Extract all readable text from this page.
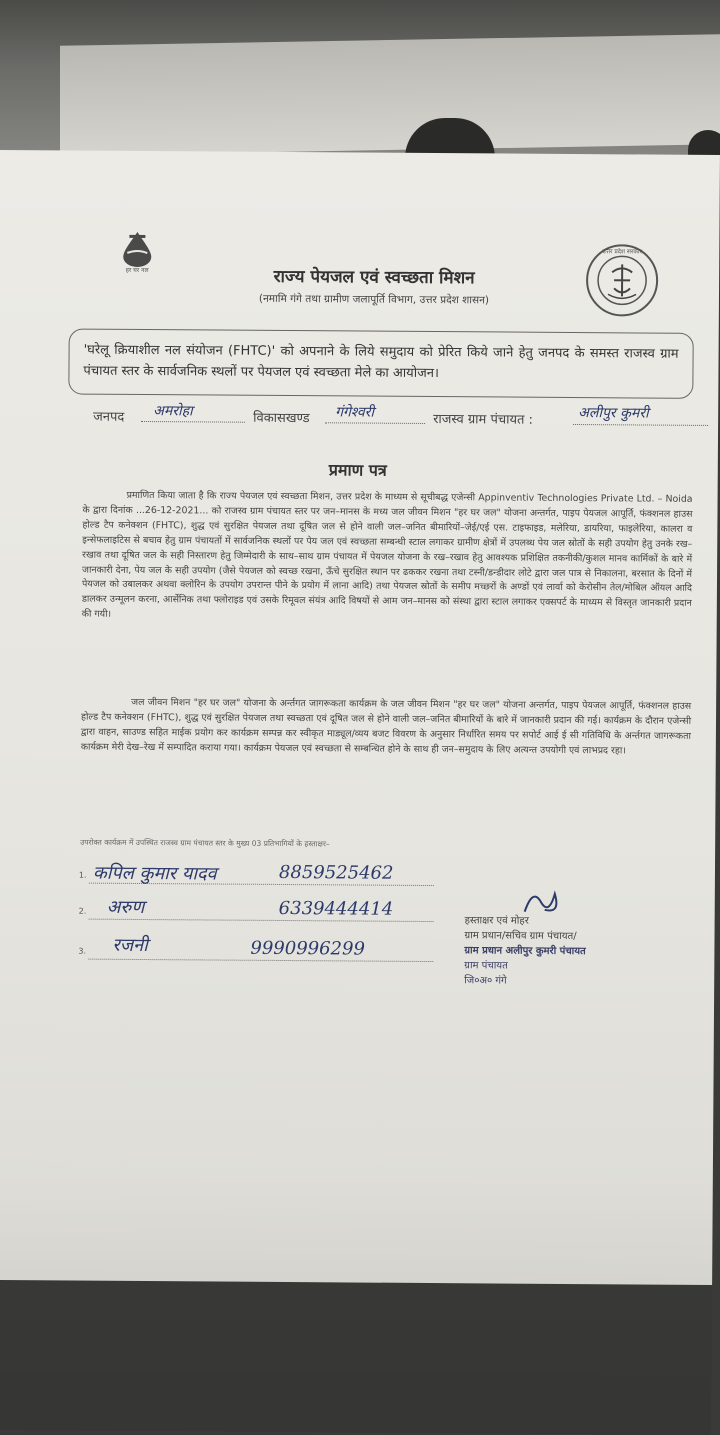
हर घर नल	राज्य पेयजल एवं स्वच्छता मिशन
(नमामि गंगे तथा ग्रामीण जलापूर्ति विभाग, उत्तर प्रदेश शासन)
उत्तर प्रदेश सरकार
'घरेलू क्रियाशील नल संयोजन (FHTC)' को अपनाने के लिये समुदाय को प्रेरित किये जाने हेतु जनपद के समस्त राजस्व ग्राम पंचायत स्तर के सार्वजनिक स्थलों पर पेयजल एवं स्वच्छता मेले का आयोजन।
जनपद अमरोहा	विकासखण्ड गंगेश्वरी	राजस्व ग्राम पंचायत :	अलीपुर कुमरी
प्रमाण पत्र
प्रमाणित किया जाता है कि राज्य पेयजल एवं स्वच्छता मिशन, उत्तर प्रदेश के माध्यम से सूचीबद्ध एजेन्सी Appinventiv Technologies Private Ltd. – Noida के द्वारा दिनांक ...26-12-2021... को राजस्व ग्राम पंचायत स्तर पर जन–मानस के मध्य जल जीवन मिशन "हर घर जल" योजना अन्तर्गत, पाइप पेयजल आपूर्ति, फंक्शनल हाउस होल्ड टैप कनेक्शन (FHTC), शुद्ध एवं सुरक्षित पेयजल तथा दूषित जल से होने वाली जल–जनित बीमारियों–जेई/एई एस. टाइफाइड, मलेरिया, डायरिया, फाइलेरिया, कालरा व इन्सेफलाइटिस से बचाव हेतु ग्राम पंचायतों में सार्वजनिक स्थलों पर पेय जल एवं स्वच्छता सम्बन्धी स्टाल लगाकर ग्रामीण क्षेत्रों में उपलब्ध पेय जल स्रोतों के सही उपयोग हेतु उनके रख–रखाव तथा दूषित जल के सही निस्तारण हेतु जिम्मेदारी के साथ–साथ ग्राम पंचायत में पेयजल योजना के रख–रखाव हेतु आवश्यक प्रशिक्षित तकनीकी/कुशल मानव कार्मिकों के बारे में जानकारी देना, पेय जल के सही उपयोग (जैसे पेयजल को स्वच्छ रखना, ऊँचे सुरक्षित स्थान पर ढककर रखना तथा टस्नी/डन्डीदार लोटे द्वारा जल पात्र से निकालना, बरसात के दिनों में पेयजल को उबालकर अथवा क्लोरिन के उपयोग उपरान्त पीने के प्रयोग में लाना आदि) तथा पेयजल स्रोतों के समीप मच्छरों के अण्डों एवं लार्वा को केरोसीन तेल/मोबिल ऑयल आदि डालकर उन्मूलन करना, आर्सेनिक तथा फ्लोराइड एवं उसके रिमूवल संयंत्र आदि विषयों से आम जन–मानस को संस्था द्वारा स्टाल लगाकर एक्सपर्ट के माध्यम से विस्तृत जानकारी प्रदान की गयी।
जल जीवन मिशन "हर घर जल" योजना के अर्न्तगत जागरूकता कार्यक्रम के जल जीवन मिशन "हर घर जल" योजना अन्तर्गत, पाइप पेयजल आपूर्ति, फंक्शनल हाउस होल्ड टैप कनेक्शन (FHTC), शुद्ध एवं सुरक्षित पेयजल तथा स्वच्छता एवं दूषित जल से होने वाली जल–जनित बीमारियों के बारे में जानकारी प्रदान की गई। कार्यक्रम के दौरान एजेन्सी द्वारा वाहन, साउण्ड सहित माईक प्रयोग कर कार्यक्रम सम्पन्न कर स्वीकृत माड्यूल/व्यय बजट विवरण के अनुसार निर्धारित समय पर सपोर्ट आई ई सी गतिविधि के अर्न्तगत जागरूकता कार्यक्रम मेरी देख–रेख में सम्पादित कराया गया। कार्यक्रम पेयजल एवं स्वच्छता से सम्बन्धित होने के साथ ही जन–समुदाय के लिए अत्यन्त उपयोगी एवं लाभप्रद रहा।
उपरोक्त कार्यक्रम में उपस्थित राजस्व ग्राम पंचायत स्तर के मुख्य 03 प्रतिभागियों के हस्ताक्षर–
1. कपिल कुमार यादव	8859525462
2. अरुण	6339444414
3. रजनी	9990996299
हस्ताक्षर एवं मोहर
ग्राम प्रधान/सचिव ग्राम पंचायत/
ग्राम प्रधान अलीपुर कुमरी पंचायत
ग्राम पंचायत
जि०अ० गंगे
